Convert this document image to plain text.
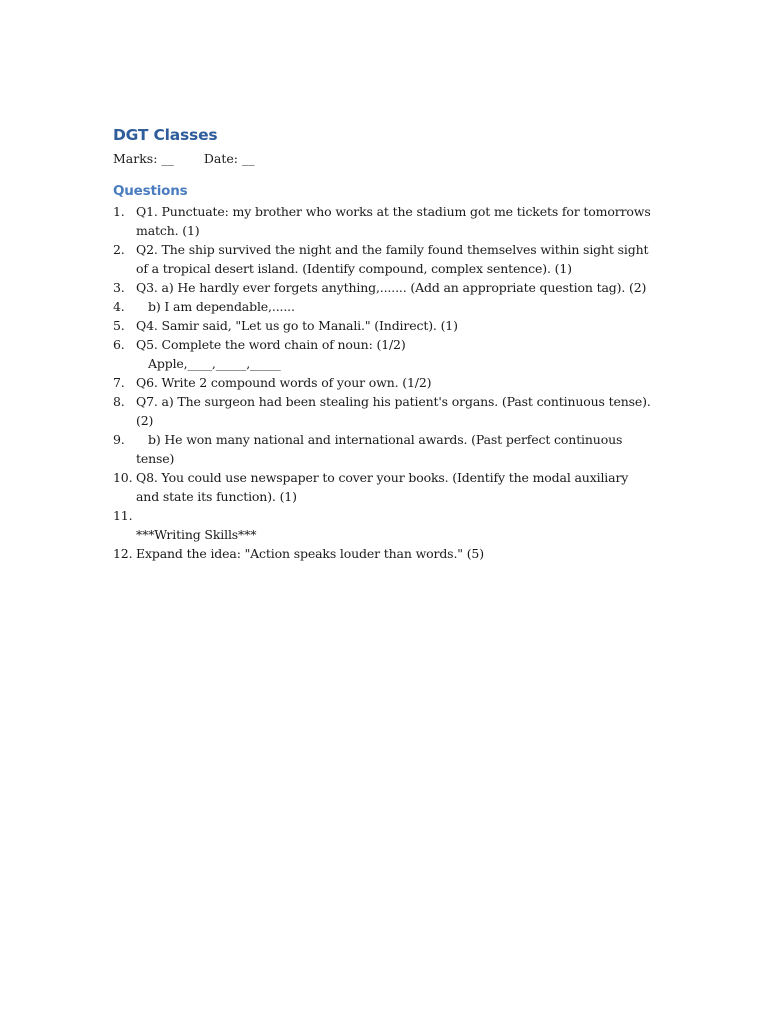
DGT Classes
Marks: __ Date: __
Questions
1. Q1. Punctuate: my brother who works at the stadium got me tickets for tomorrows match. (1)
2. Q2. The ship survived the night and the family found themselves within sight sight of a tropical desert island. (Identify compound, complex sentence). (1)
3. Q3. a) He hardly ever forgets anything,....... (Add an appropriate question tag). (2)
4. b) I am dependable,......
5. Q4. Samir said, "Let us go to Manali." (Indirect). (1)
6. Q5. Complete the word chain of noun: (1/2)
Apple,____,_____,_____
7. Q6. Write 2 compound words of your own. (1/2)
8. Q7. a) The surgeon had been stealing his patient's organs. (Past continuous tense). (2)
9. b) He won many national and international awards. (Past perfect continuous tense)
10. Q8. You could use newspaper to cover your books. (Identify the modal auxiliary and state its function). (1)
11.

***Writing Skills***
12. Expand the idea: "Action speaks louder than words." (5)
